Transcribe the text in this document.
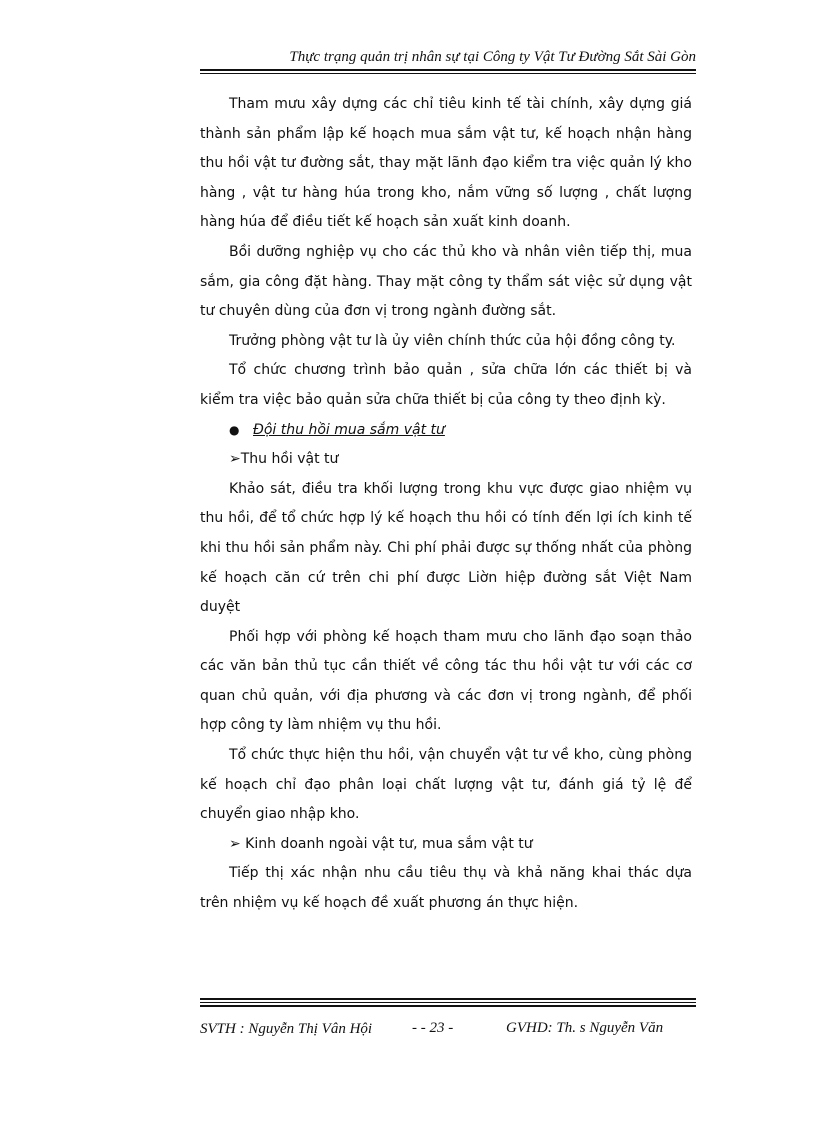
Thực trạng quản trị nhân sự tại Công ty Vật Tư Đường Sắt Sài Gòn

Tham mưu xây dựng các chỉ tiêu kinh tế tài chính, xây dựng giá thành sản phẩm lập kế hoạch mua sắm vật tư, kế hoạch nhận hàng thu hồi vật tư đường sắt, thay mặt lãnh đạo kiểm tra việc quản lý kho hàng , vật tư hàng húa trong kho, nắm vững số lượng , chất lượng hàng húa để điều tiết kế hoạch sản xuất kinh doanh.

Bồi dưỡng nghiệp vụ cho các thủ kho và nhân viên tiếp thị, mua sắm, gia công đặt hàng. Thay mặt công ty thẩm sát việc sử dụng vật tư chuyên dùng của đơn vị trong ngành đường sắt.

Trưởng phòng vật tư là ủy viên chính thức của hội đồng công ty.

Tổ chức chương trình bảo quản , sửa chữa lớn các thiết bị và kiểm tra việc bảo quản sửa chữa thiết bị của công ty theo định kỳ.

● Đội thu hồi mua sắm vật tư

➢Thu hồi vật tư

Khảo sát, điều tra khối lượng trong khu vực được giao nhiệm vụ thu hồi, để tổ chức hợp lý kế hoạch thu hồi có tính đến lợi ích kinh tế khi thu hồi sản phẩm này. Chi phí phải được sự thống nhất của phòng kế hoạch căn cứ trên chi phí được Liờn hiệp đường sắt Việt Nam duyệt

Phối hợp với phòng kế hoạch tham mưu cho lãnh đạo soạn thảo các văn bản thủ tục cần thiết về công tác thu hồi vật tư với các cơ quan chủ quản, với địa phương và các đơn vị trong ngành, để phối hợp công ty làm nhiệm vụ thu hồi.

Tổ chức thực hiện thu hồi, vận chuyển vật tư về kho, cùng phòng kế hoạch chỉ đạo phân loại chất lượng vật tư, đánh giá tỷ lệ để chuyển giao nhập kho.

➢ Kinh doanh ngoài vật tư, mua sắm vật tư

Tiếp thị xác nhận nhu cầu tiêu thụ và khả năng khai thác dựa trên nhiệm vụ kế hoạch đề xuất phương án thực hiện.

SVTH : Nguyễn Thị Vân Hội	- - 23 -	GVHD: Th. s Nguyễn Văn
